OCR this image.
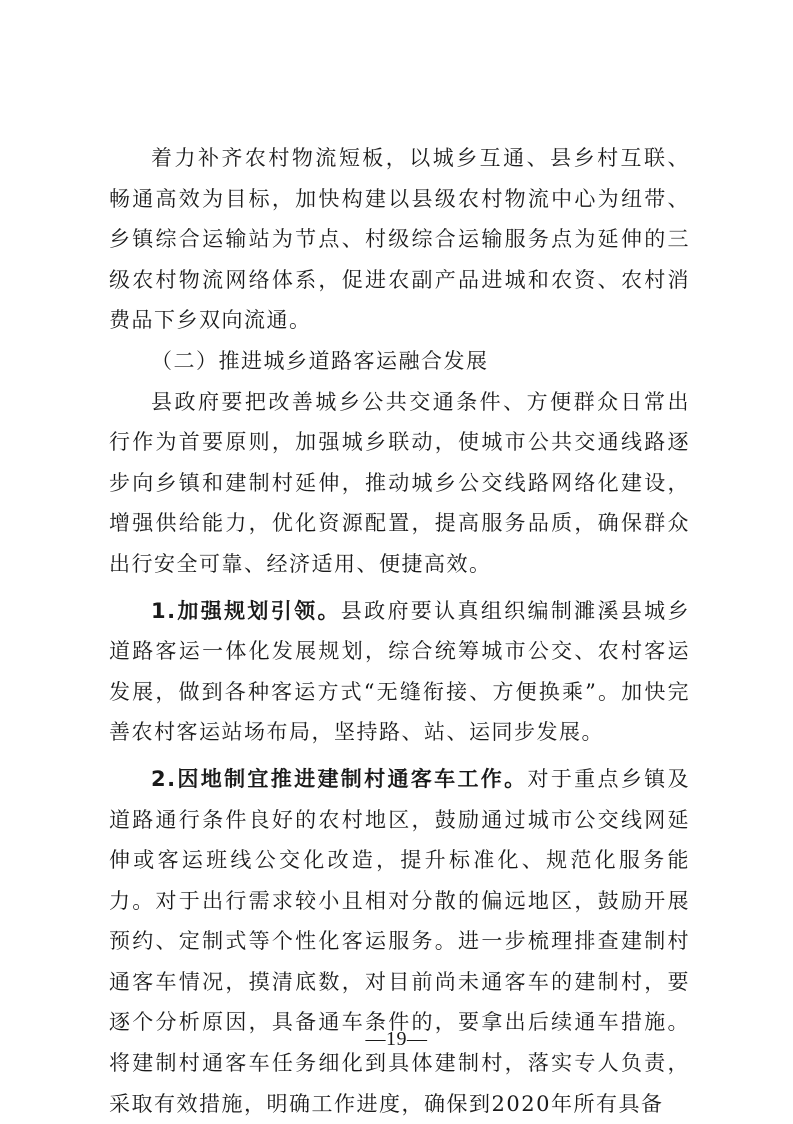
着力补齐农村物流短板，以城乡互通、县乡村互联、畅通高效为目标，加快构建以县级农村物流中心为纽带、乡镇综合运输站为节点、村级综合运输服务点为延伸的三级农村物流网络体系，促进农副产品进城和农资、农村消费品下乡双向流通。

（二）推进城乡道路客运融合发展

县政府要把改善城乡公共交通条件、方便群众日常出行作为首要原则，加强城乡联动，使城市公共交通线路逐步向乡镇和建制村延伸，推动城乡公交线路网络化建设，增强供给能力，优化资源配置，提高服务品质，确保群众出行安全可靠、经济适用、便捷高效。

1.加强规划引领。县政府要认真组织编制濉溪县城乡道路客运一体化发展规划，综合统筹城市公交、农村客运发展，做到各种客运方式“无缝衔接、方便换乘”。加快完善农村客运站场布局，坚持路、站、运同步发展。

2.因地制宜推进建制村通客车工作。对于重点乡镇及道路通行条件良好的农村地区，鼓励通过城市公交线网延伸或客运班线公交化改造，提升标准化、规范化服务能力。对于出行需求较小且相对分散的偏远地区，鼓励开展预约、定制式等个性化客运服务。进一步梳理排查建制村通客车情况，摸清底数，对目前尚未通客车的建制村，要逐个分析原因，具备通车条件的，要拿出后续通车措施。将建制村通客车任务细化到具体建制村，落实专人负责，采取有效措施，明确工作进度，确保到2020年所有具备

—19—
